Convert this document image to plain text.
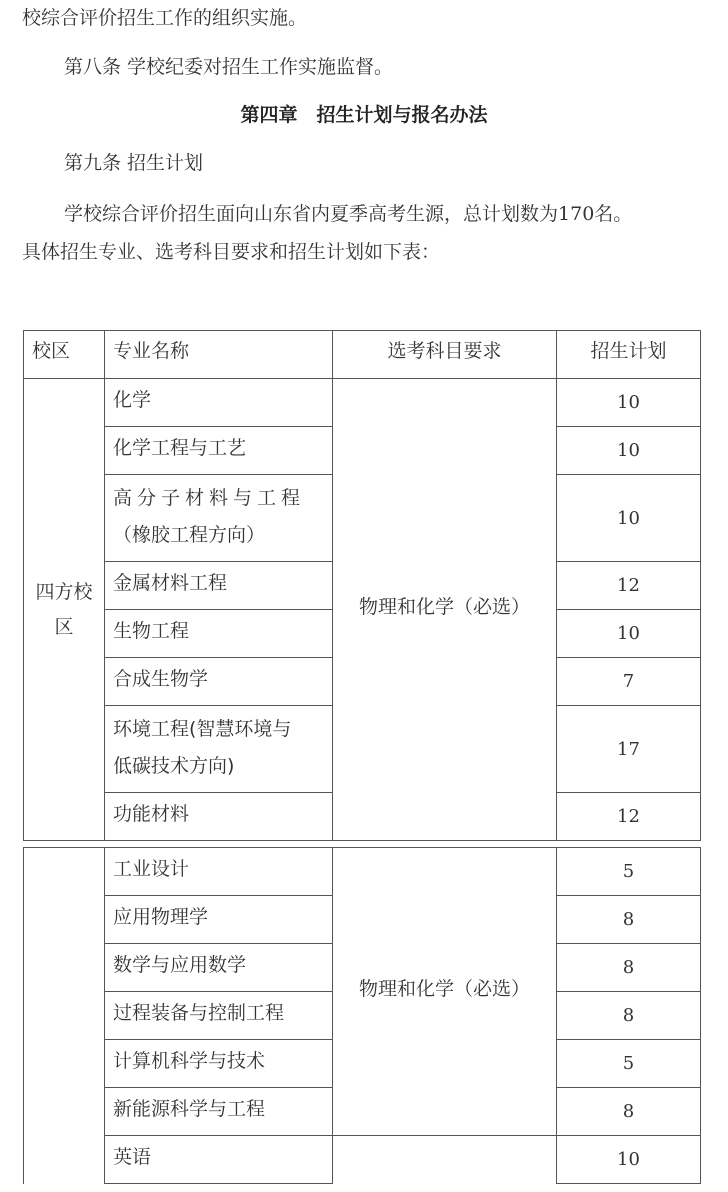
校综合评价招生工作的组织实施。
第八条 学校纪委对招生工作实施监督。
第四章　招生计划与报名办法
第九条 招生计划
学校综合评价招生面向山东省内夏季高考生源，总计划数为170名。
具体招生专业、选考科目要求和招生计划如下表：
校区	专业名称	选考科目要求	招生计划
四方校区	化学	物理和化学（必选）	10
	化学工程与工艺		10

	高分子材料与工程
（橡胶工程方向）		10
	金属材料工程		12
	生物工程		10
	合成生物学		7

	环境工程(智慧环境与
低碳技术方向)		17
	功能材料		12
	工业设计	物理和化学（必选）	5
	应用物理学		8
	数学与应用数学		8
	过程装备与控制工程		8
	计算机科学与技术		5
	新能源科学与工程		8
	英语		10
